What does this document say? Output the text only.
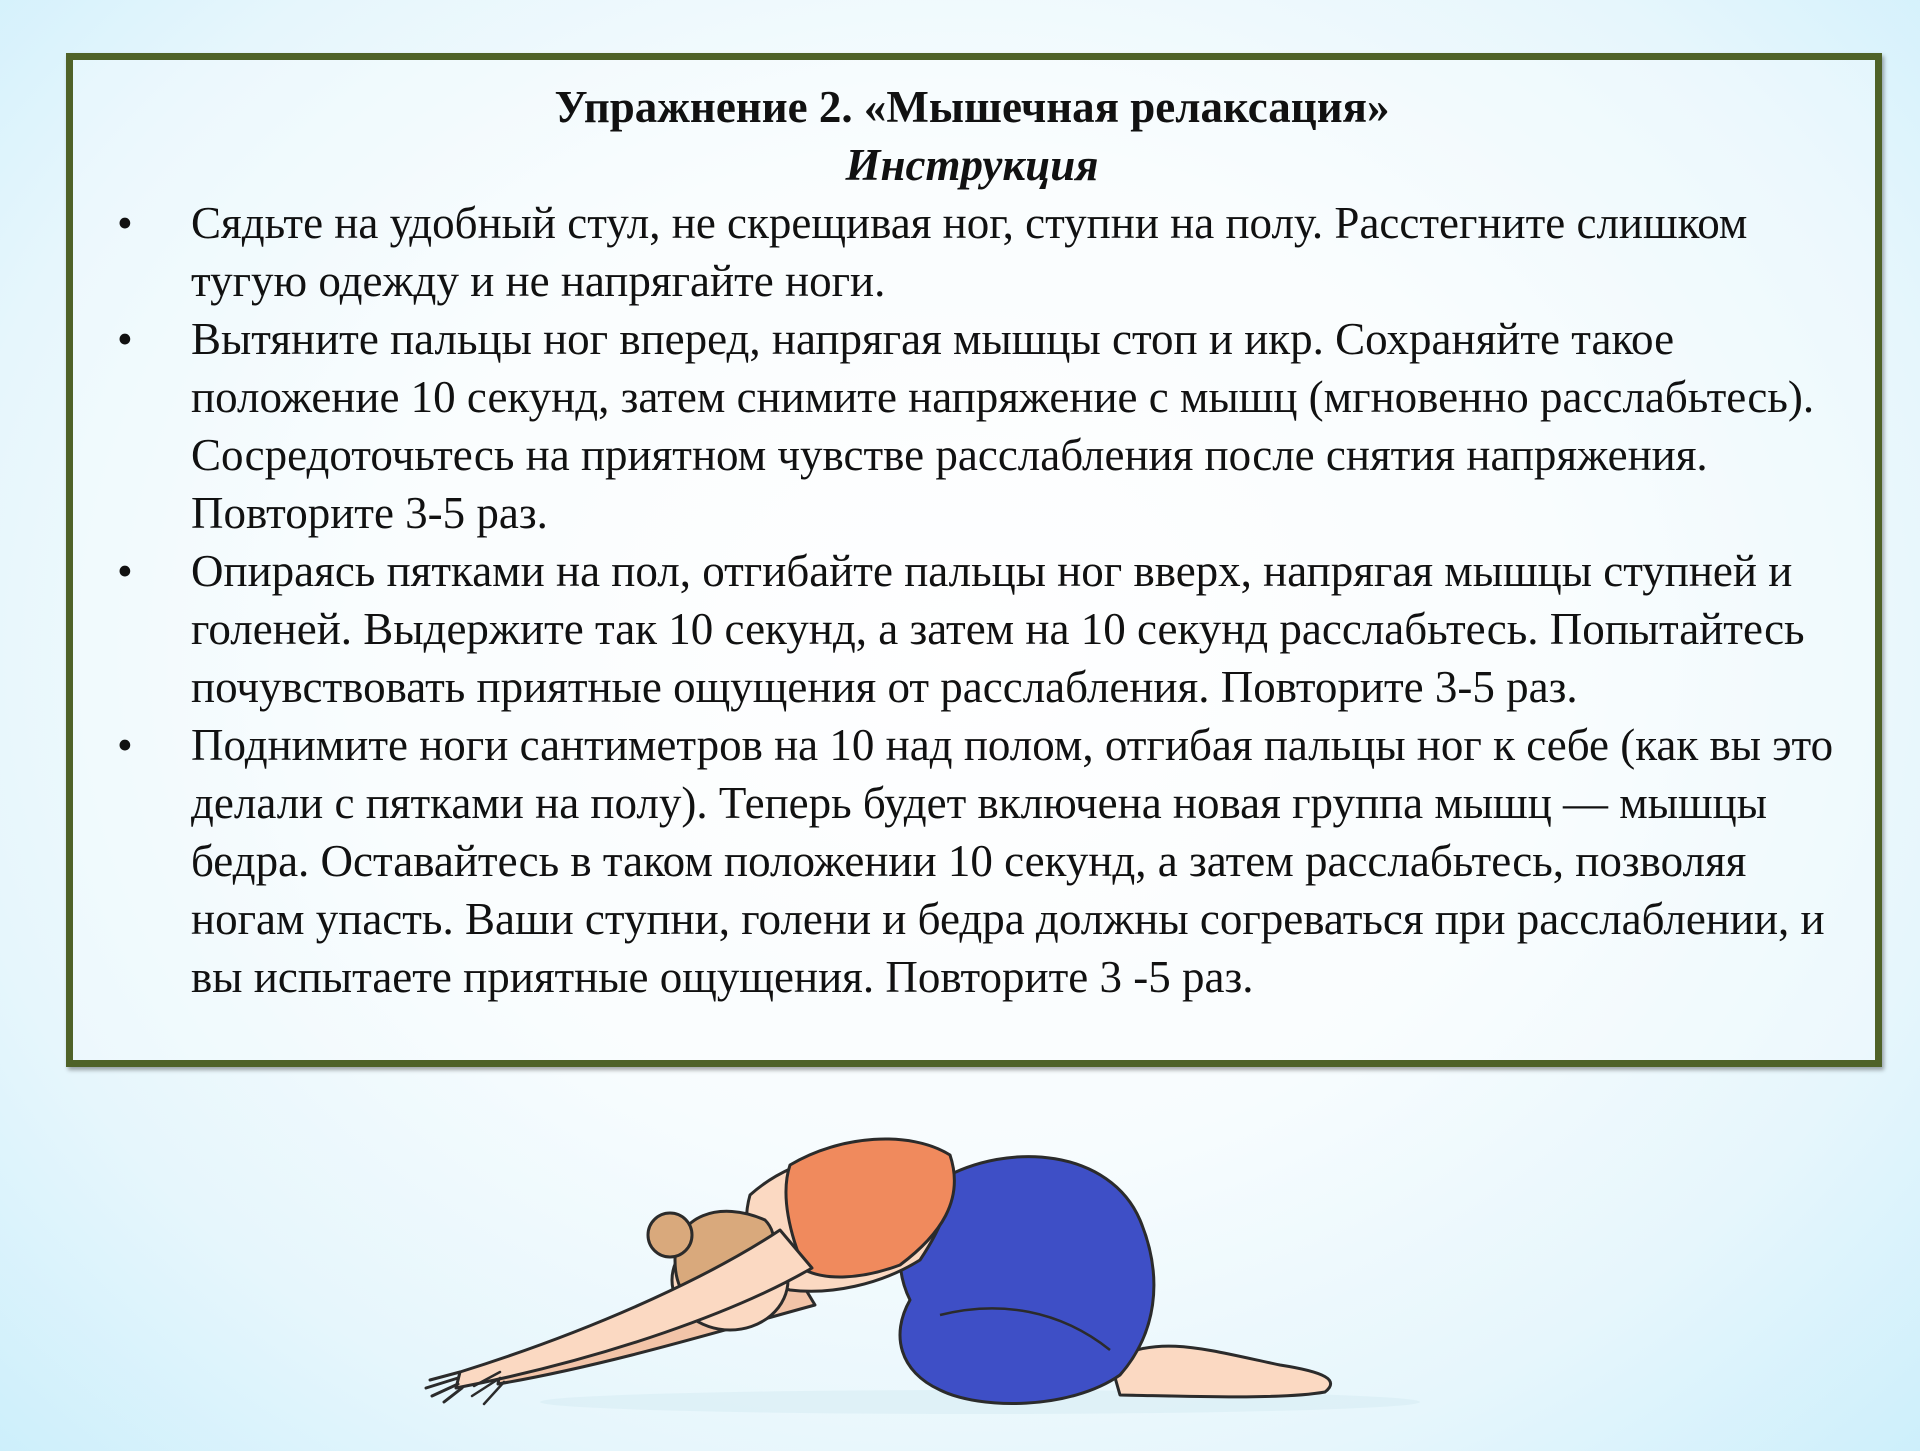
Упражнение 2. «Мышечная релаксация»

Инструкция

• Сядьте на удобный стул, не скрещивая ног, ступни на полу. Расстегните слишком тугую одежду и не напрягайте ноги.
• Вытяните пальцы ног вперед, напрягая мышцы стоп и икр. Сохраняйте такое положение 10 секунд, затем снимите напряжение с мышц (мгновенно расслабьтесь). Сосредоточьтесь на приятном чувстве расслабления после снятия напряжения. Повторите 3-5 раз.
• Опираясь пятками на пол, отгибайте пальцы ног вверх, напрягая мышцы ступней и голеней. Выдержите так 10 секунд, а затем на 10 секунд расслабьтесь. Попытайтесь почувствовать приятные ощущения от расслабления. Повторите 3-5 раз.
• Поднимите ноги сантиметров на 10 над полом, отгибая пальцы ног к себе (как вы это делали с пятками на полу). Теперь будет включена новая группа мышц — мышцы бедра. Оставайтесь в таком положении 10 секунд, а затем расслабьтесь, позволяя ногам упасть. Ваши ступни, голени и бедра должны согреваться при расслаблении, и вы испытаете приятные ощущения. Повторите 3 -5 раз.
